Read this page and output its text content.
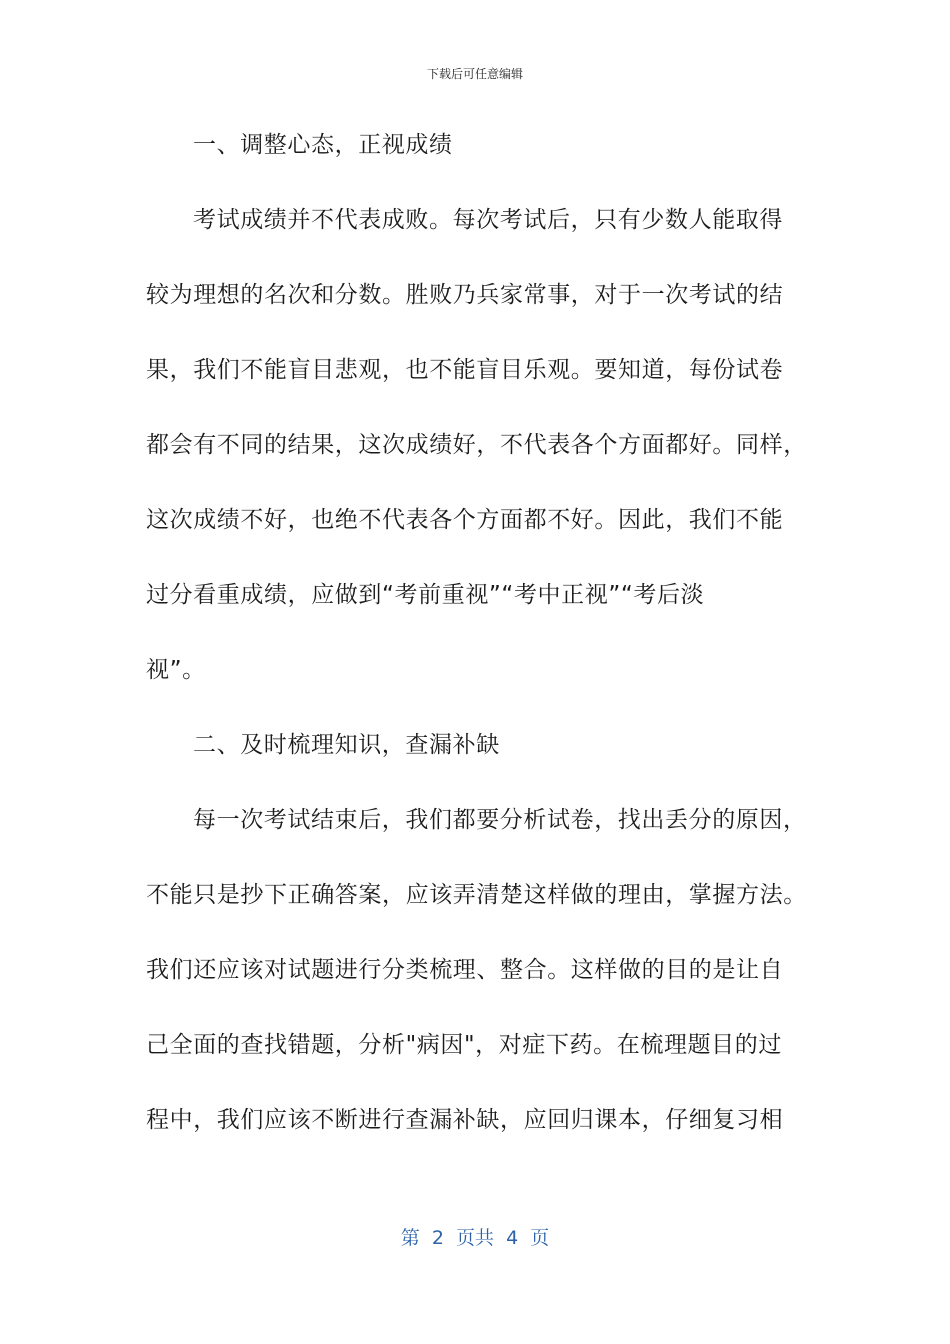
下载后可任意编辑
一、调整心态，正视成绩
考试成绩并不代表成败。每次考试后，只有少数人能取得
较为理想的名次和分数。胜败乃兵家常事，对于一次考试的结
果，我们不能盲目悲观，也不能盲目乐观。要知道，每份试卷
都会有不同的结果，这次成绩好，不代表各个方面都好。同样，
这次成绩不好，也绝不代表各个方面都不好。因此，我们不能
过分看重成绩，应做到“考前重视”“考中正视”“考后淡
视”。
二、及时梳理知识，查漏补缺
每一次考试结束后，我们都要分析试卷，找出丢分的原因，
不能只是抄下正确答案，应该弄清楚这样做的理由，掌握方法。
我们还应该对试题进行分类梳理、整合。这样做的目的是让自
己全面的查找错题，分析"病因"，对症下药。在梳理题目的过
程中，我们应该不断进行查漏补缺，应回归课本，仔细复习相
第  2  页共  4  页
